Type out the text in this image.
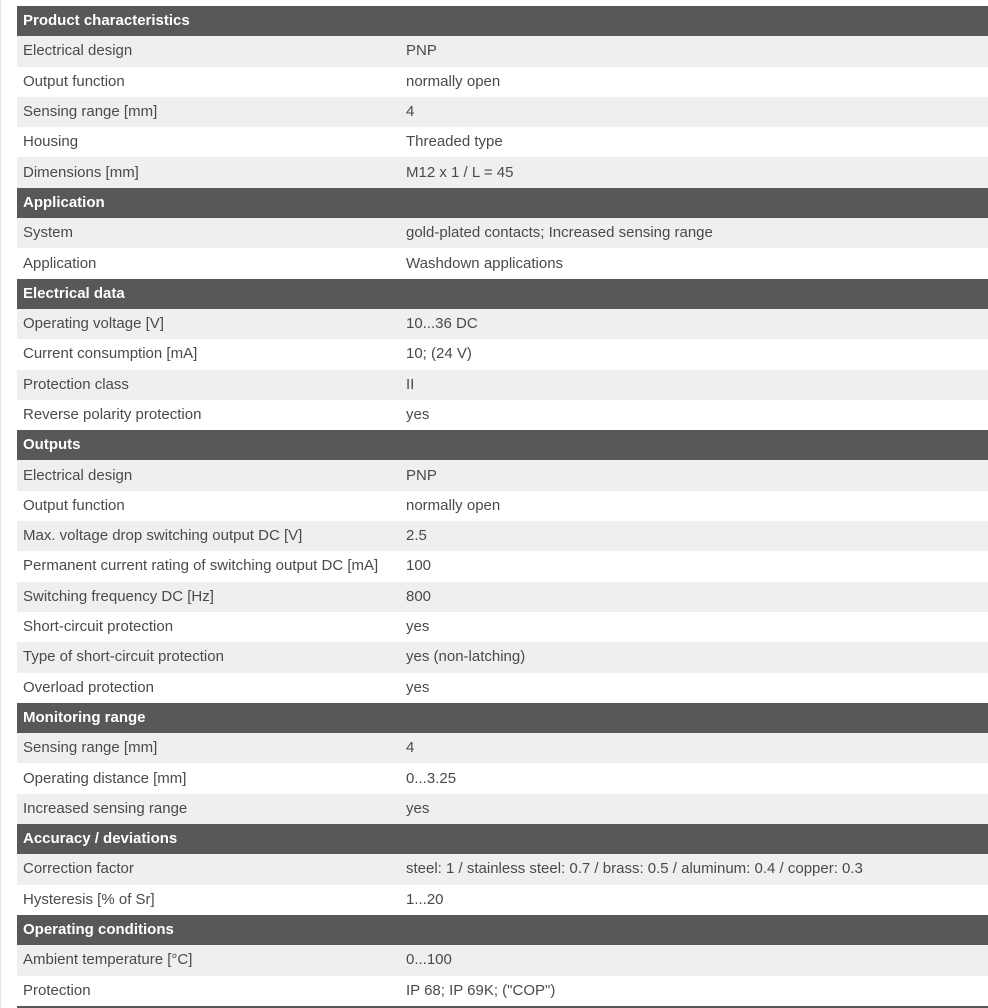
Product characteristics	
Electrical design	PNP
Output function	normally open
Sensing range [mm]	4
Housing	Threaded type
Dimensions [mm]	M12 x 1 / L = 45
Application	
System	gold-plated contacts; Increased sensing range
Application	Washdown applications
Electrical data	
Operating voltage [V]	10...36 DC
Current consumption [mA]	10; (24 V)
Protection class	II
Reverse polarity protection	yes
Outputs	
Electrical design	PNP
Output function	normally open
Max. voltage drop switching output DC [V]	2.5
Permanent current rating of switching output DC [mA]	100
Switching frequency DC [Hz]	800
Short-circuit protection	yes
Type of short-circuit protection	yes (non-latching)
Overload protection	yes
Monitoring range	
Sensing range [mm]	4
Operating distance [mm]	0...3.25
Increased sensing range	yes
Accuracy / deviations	
Correction factor	steel: 1 / stainless steel: 0.7 / brass: 0.5 / aluminum: 0.4 / copper: 0.3
Hysteresis [% of Sr]	1...20
Operating conditions	
Ambient temperature [°C]	0...100
Protection	IP 68; IP 69K; ("COP")
